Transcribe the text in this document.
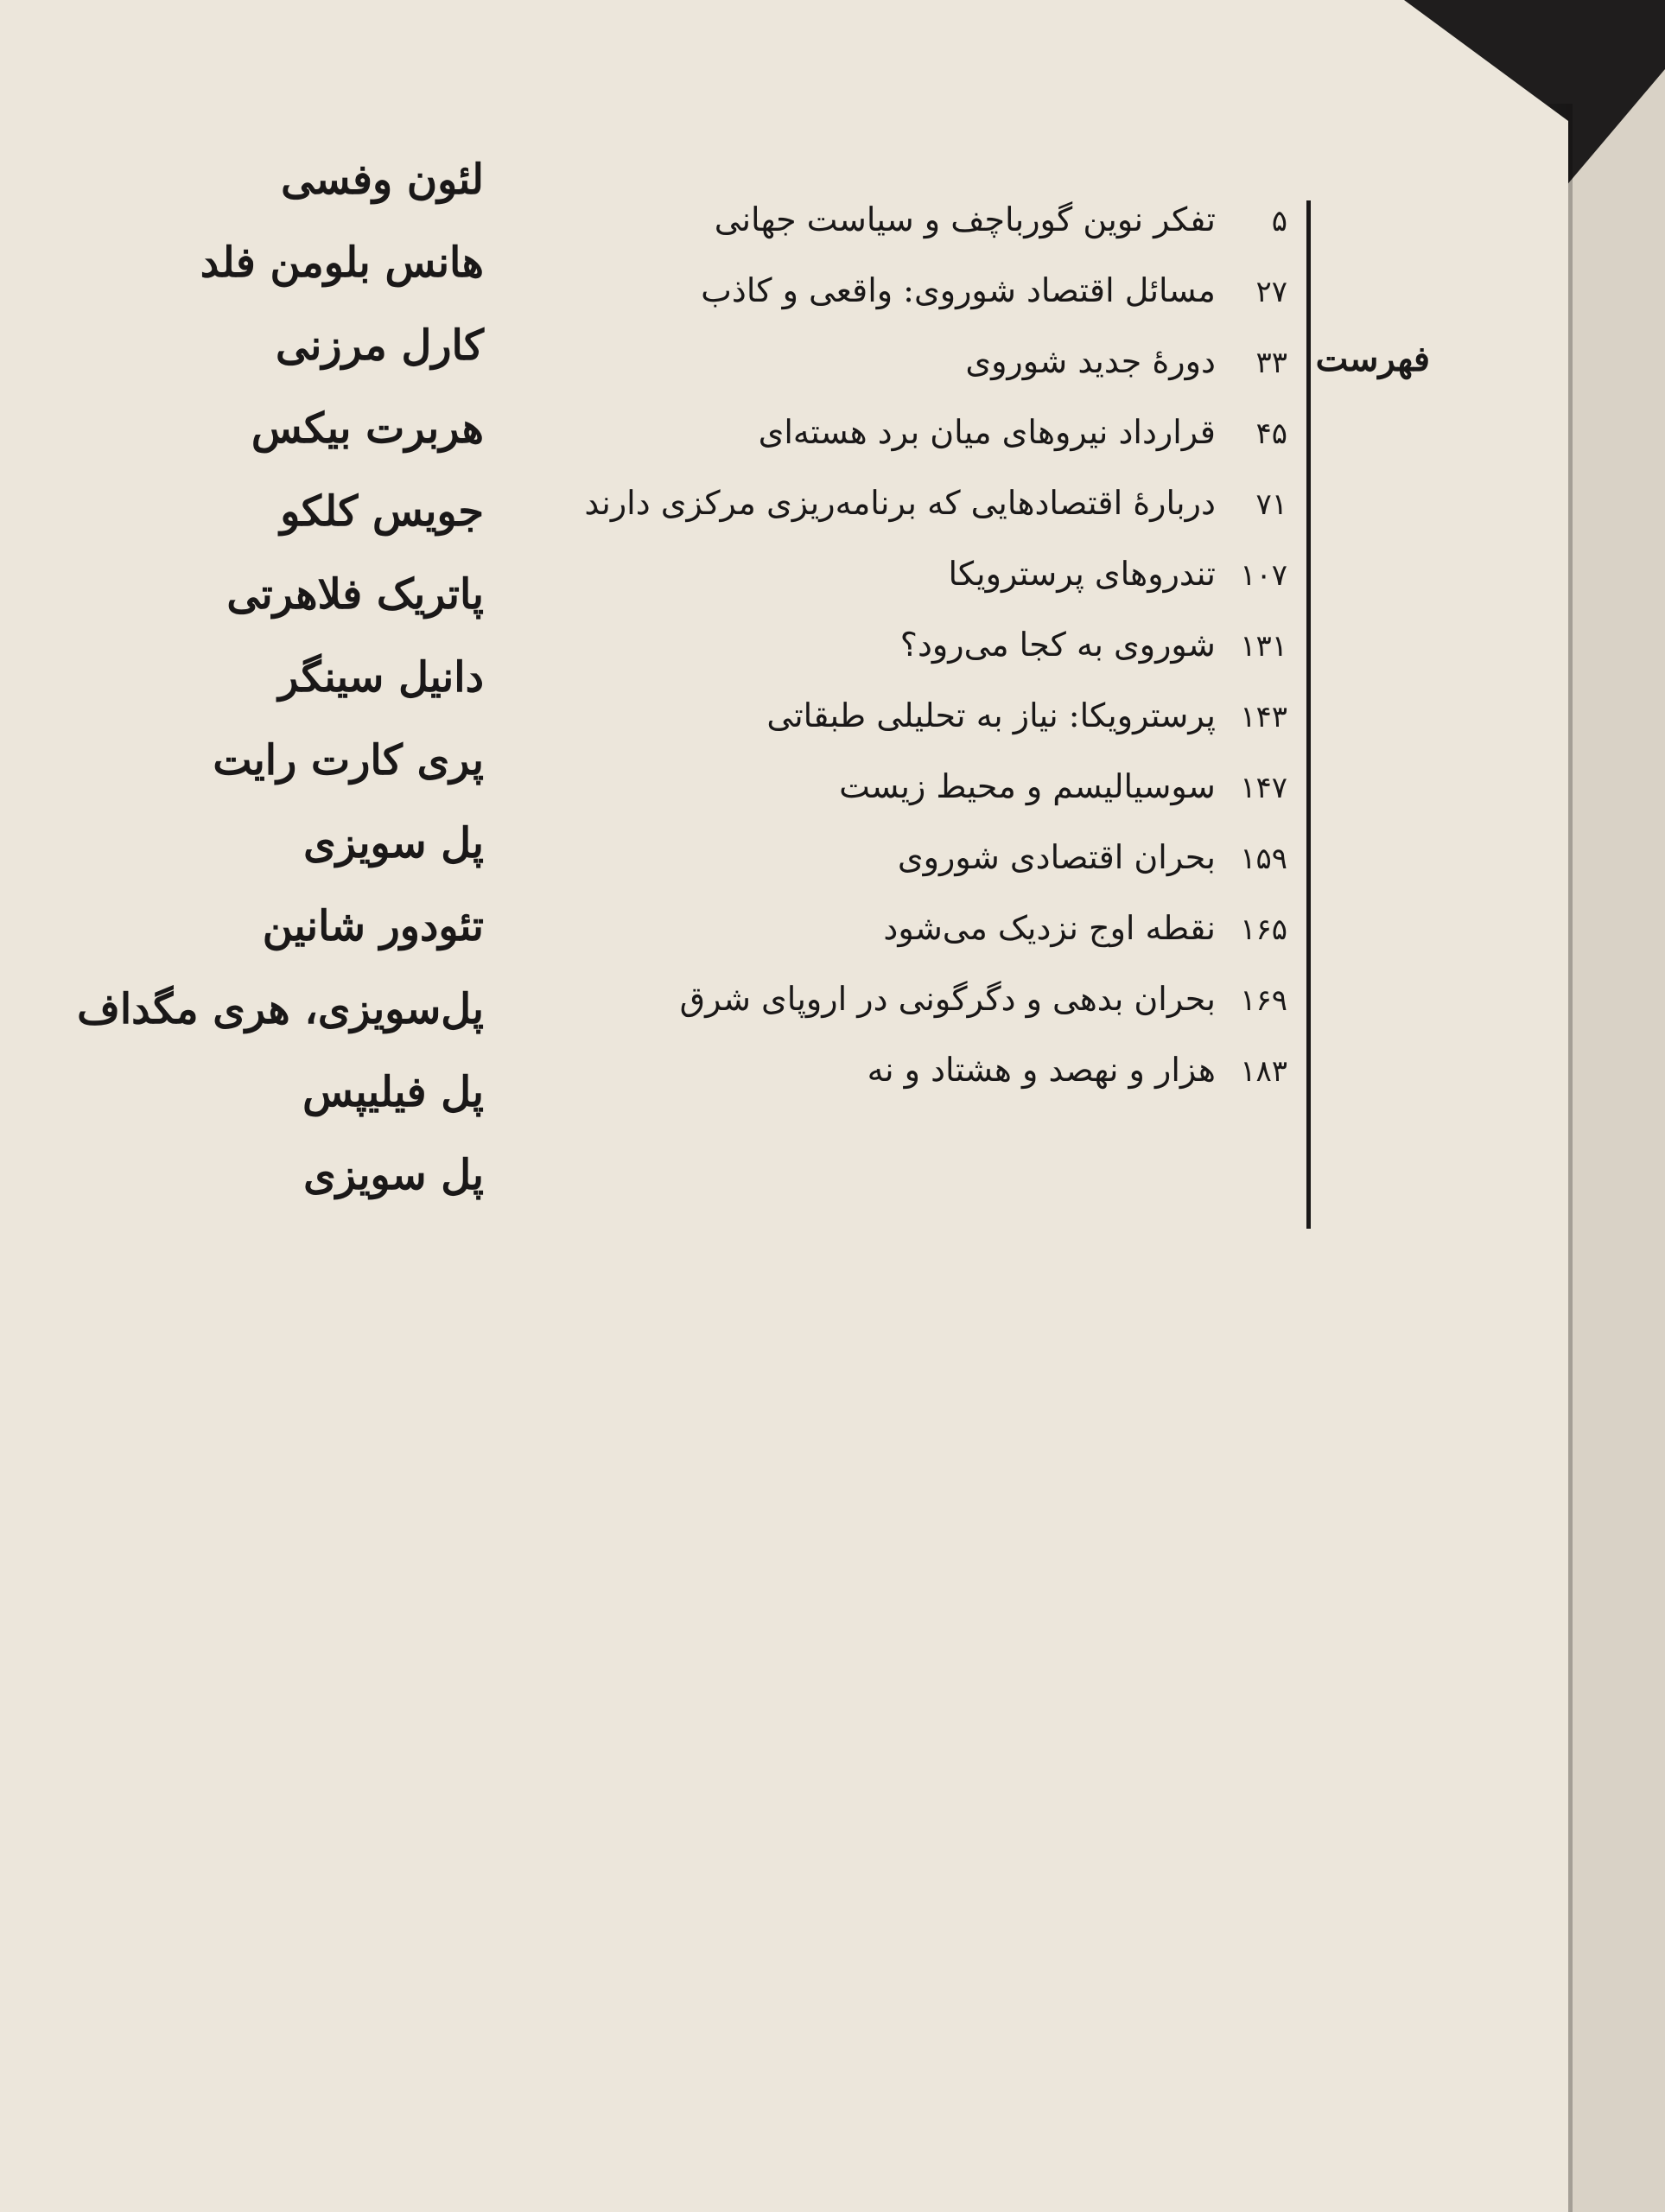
فهرست
۵ تفکر نوین گورباچف و سیاست جهانی
۲۷ مسائل اقتصاد شوروی: واقعی و کاذب
۳۳ دورهٔ جدید شوروی
۴۵ قرارداد نیروهای میان برد هسته‌ای
۷۱ دربارهٔ اقتصادهایی که برنامه‌ریزی مرکزی دارند
۱۰۷ تندروهای پرسترویکا
۱۳۱ شوروی به کجا می‌رود؟
۱۴۳ پرسترویکا: نیاز به تحلیلی طبقاتی
۱۴۷ سوسیالیسم و محیط زیست
۱۵۹ بحران اقتصادی شوروی
۱۶۵ نقطه اوج نزدیک می‌شود
۱۶۹ بحران بدهی و دگرگونی در اروپای شرق
۱۸۳ هزار و نهصد و هشتاد و نه
لئون وفسی
هانس بلومن فلد
کارل مرزنی
هربرت بیکس
جویس کلکو
پاتریک فلاهرتی
دانیل سینگر
پری کارت رایت
پل سویزی
تئودور شانین
پل‌سویزی، هری مگداف
پل فیلیپس
پل سویزی
